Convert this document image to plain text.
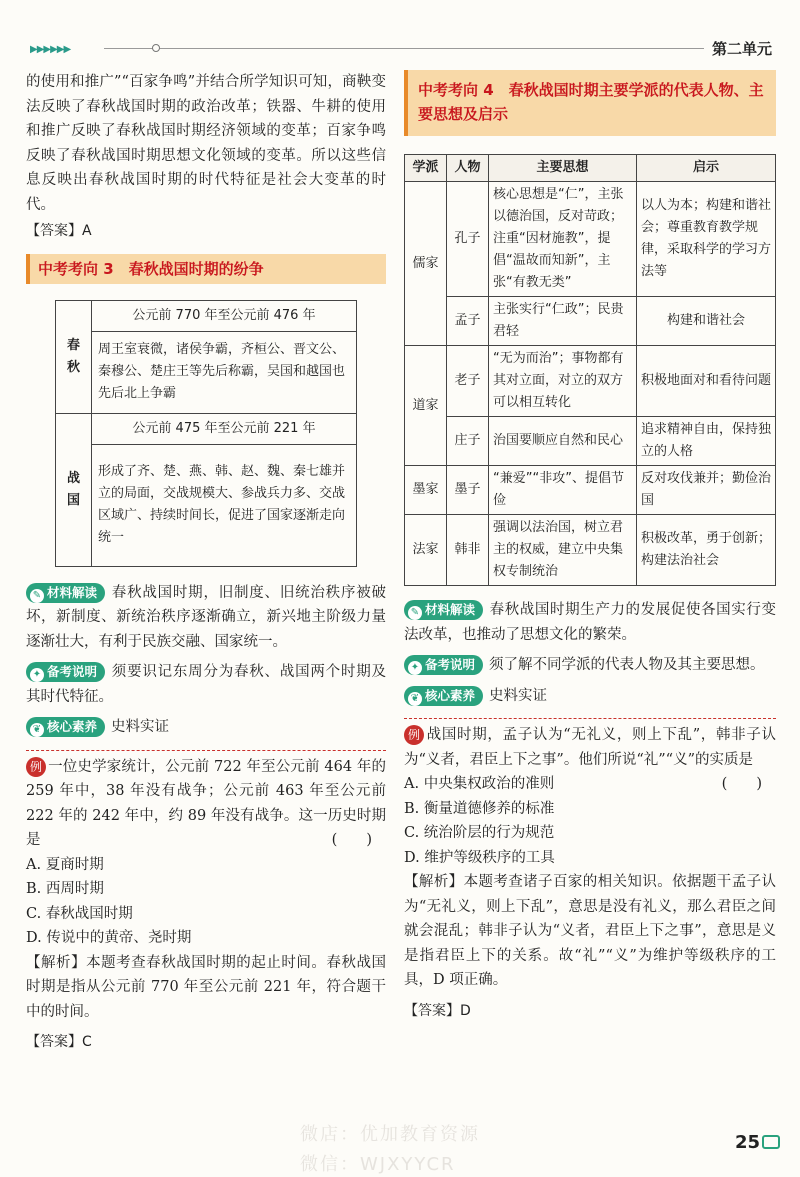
▶▶▶▶▶▶	第二单元

的使用和推广”“百家争鸣”并结合所学知识可知，商鞅变法反映了春秋战国时期的政治改革；铁器、牛耕的使用和推广反映了春秋战国时期经济领域的变革；百家争鸣反映了春秋战国时期思想文化领域的变革。所以这些信息反映出春秋战国时期的时代特征是社会大变革的时代。

【答案】A
中考考向 3　春秋战国时期的纷争
春秋	公元前 770 年至公元前 476 年
	周王室衰微，诸侯争霸，齐桓公、晋文公、秦穆公、楚庄王等先后称霸，吴国和越国也先后北上争霸
战国	公元前 475 年至公元前 221 年
	形成了齐、楚、燕、韩、赵、魏、秦七雄并立的局面，交战规模大、参战兵力多、交战区域广、持续时间长，促进了国家逐渐走向统一
✎ 材料解读 春秋战国时期，旧制度、旧统治秩序被破坏，新制度、新统治秩序逐渐确立，新兴地主阶级力量逐渐壮大，有利于民族交融、国家统一。
✦ 备考说明 须要识记东周分为春秋、战国两个时期及其时代特征。
❦ 核心素养 史料实证

例 一位史学家统计，公元前 722 年至公元前 464 年的 259 年中，38 年没有战争；公元前 463 年至公元前 222 年的 242 年中，约 89 年没有战争。这一历史时期是	(　　)

A. 夏商时期
B. 西周时期
C. 春秋战国时期
D. 传说中的黄帝、尧时期

【解析】本题考查春秋战国时期的起止时间。春秋战国时期是指从公元前 770 年至公元前 221 年，符合题干中的时间。

【答案】C
中考考向 4　春秋战国时期主要学派的代表人物、主要思想及启示
学派	人物	主要思想	启示
儒家	孔子	核心思想是“仁”，主张以德治国，反对苛政；注重“因材施教”，提倡“温故而知新”，主张“有教无类”	以人为本；构建和谐社会；尊重教育教学规律，采取科学的学习方法等
	孟子	主张实行“仁政”；民贵君轻	构建和谐社会
道家	老子	“无为而治”；事物都有其对立面，对立的双方可以相互转化	积极地面对和看待问题
	庄子	治国要顺应自然和民心	追求精神自由，保持独立的人格
墨家	墨子	“兼爱”“非攻”、提倡节俭	反对攻伐兼并；勤俭治国
法家	韩非	强调以法治国，树立君主的权威，建立中央集权专制统治	积极改革，勇于创新；构建法治社会
✎ 材料解读 春秋战国时期生产力的发展促使各国实行变法改革，也推动了思想文化的繁荣。
✦ 备考说明 须了解不同学派的代表人物及其主要思想。
❦ 核心素养 史料实证

例 战国时期，孟子认为“无礼义，则上下乱”，韩非子认为“义者，君臣上下之事”。他们所说“礼”“义”的实质是
(　　)

A. 中央集权政治的准则
B. 衡量道德修养的标准
C. 统治阶层的行为规范
D. 维护等级秩序的工具

【解析】本题考查诸子百家的相关知识。依据题干孟子认为“无礼义，则上下乱”，意思是没有礼义，那么君臣之间就会混乱；韩非子认为“义者，君臣上下之事”，意思是义是指君臣上下的关系。故“礼”“义”为维护等级秩序的工具，D 项正确。

【答案】D
微店：优加教育资源
微信：WJXYYCR
25
